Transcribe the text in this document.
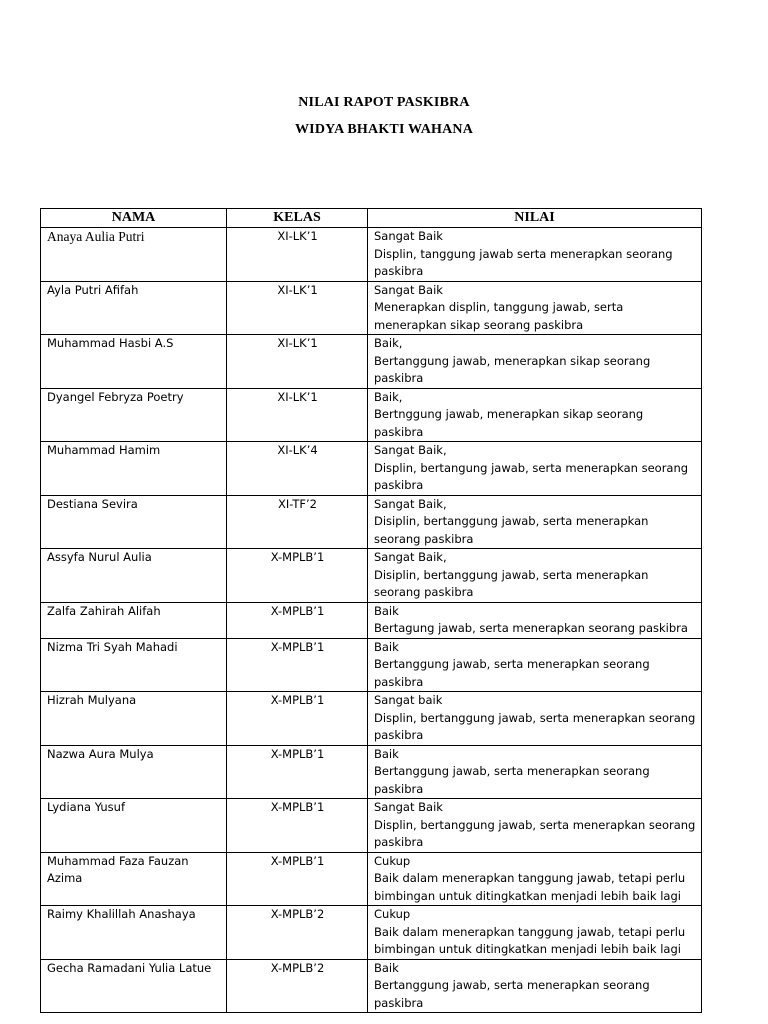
NILAI RAPOT PASKIBRA
WIDYA BHAKTI WAHANA
NAMA	KELAS	NILAI
Anaya Aulia Putri	XI-LK’1	Sangat Baik
Displin, tanggung jawab serta menerapkan seorang paskibra
Ayla Putri Afifah	XI-LK’1	Sangat Baik
Menerapkan displin, tanggung jawab, serta menerapkan sikap seorang paskibra
Muhammad Hasbi A.S	XI-LK’1	Baik,
Bertanggung jawab, menerapkan sikap seorang paskibra
Dyangel Febryza Poetry	XI-LK’1	Baik,
Bertnggung jawab, menerapkan sikap seorang paskibra
Muhammad Hamim	XI-LK’4	Sangat Baik,
Displin, bertangung jawab, serta menerapkan seorang paskibra
Destiana Sevira	XI-TF’2	Sangat Baik,
Disiplin, bertanggung jawab, serta menerapkan seorang paskibra
Assyfa Nurul Aulia	X-MPLB’1	Sangat Baik,
Disiplin, bertanggung jawab, serta menerapkan seorang paskibra
Zalfa Zahirah Alifah	X-MPLB’1	Baik
Bertagung jawab, serta menerapkan seorang paskibra
Nizma Tri Syah Mahadi	X-MPLB’1	Baik
Bertanggung jawab, serta menerapkan seorang paskibra
Hizrah Mulyana	X-MPLB’1	Sangat baik
Displin, bertanggung jawab, serta menerapkan seorang paskibra
Nazwa Aura Mulya	X-MPLB’1	Baik
Bertanggung jawab, serta menerapkan seorang paskibra
Lydiana Yusuf	X-MPLB’1	Sangat Baik
Displin, bertanggung jawab, serta menerapkan seorang paskibra
Muhammad Faza Fauzan Azima	X-MPLB’1	Cukup
Baik dalam menerapkan tanggung jawab, tetapi perlu bimbingan untuk ditingkatkan menjadi lebih baik lagi
Raimy Khalillah Anashaya	X-MPLB’2	Cukup
Baik dalam menerapkan tanggung jawab, tetapi perlu bimbingan untuk ditingkatkan menjadi lebih baik lagi
Gecha Ramadani Yulia Latue	X-MPLB’2	Baik
Bertanggung jawab, serta menerapkan seorang paskibra
